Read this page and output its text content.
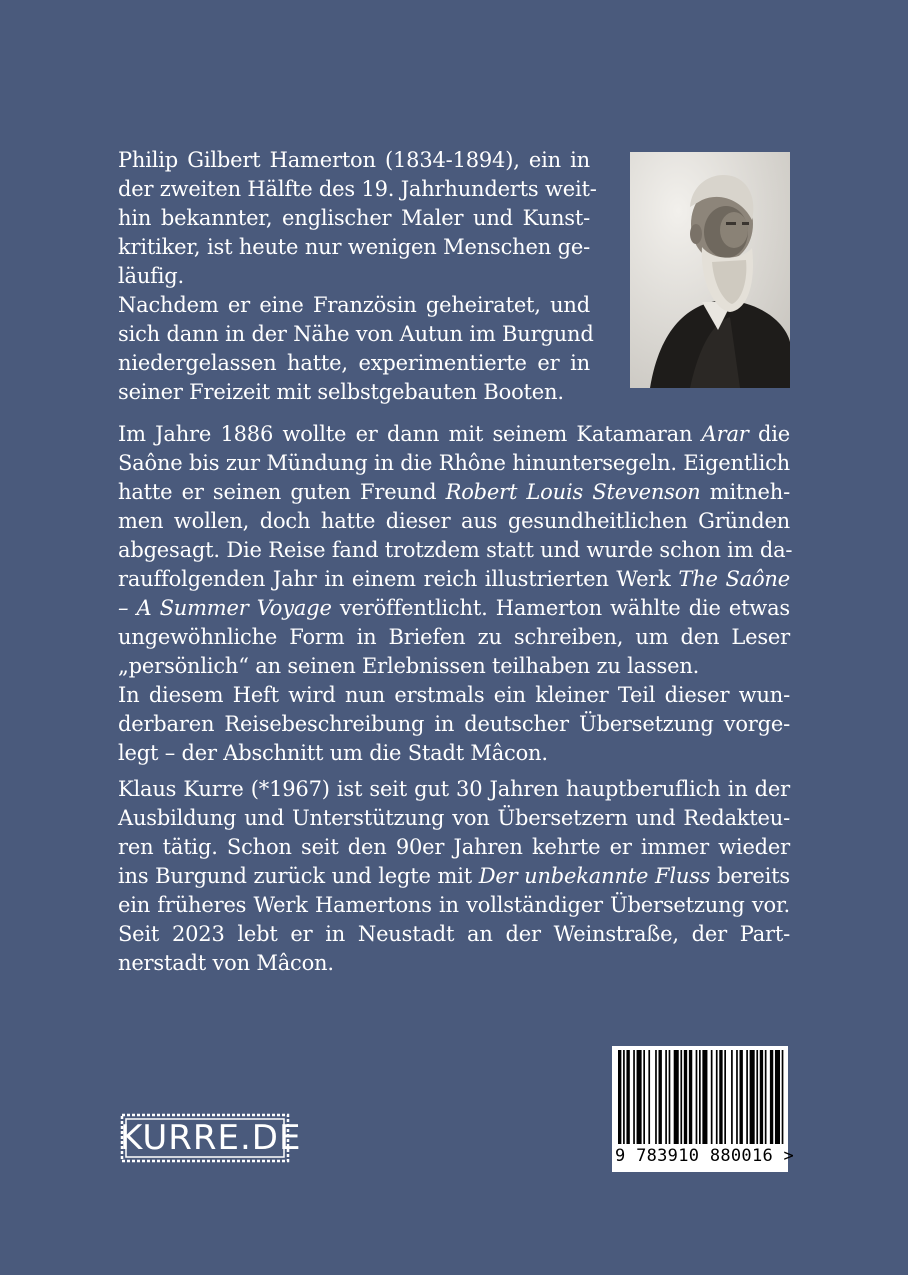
Philip Gilbert Hamerton (1834-1894), ein in
der zweiten Hälfte des 19. Jahrhunderts weit-
hin bekannter, englischer Maler und Kunst-
kritiker, ist heute nur wenigen Menschen ge-
läufig.
Nachdem er eine Französin geheiratet, und
sich dann in der Nähe von Autun im Burgund
niedergelassen hatte, experimentierte er in
seiner Freizeit mit selbstgebauten Booten.
Im Jahre 1886 wollte er dann mit seinem Katamaran Arar die
Saône bis zur Mündung in die Rhône hinuntersegeln. Eigentlich
hatte er seinen guten Freund Robert Louis Stevenson mitneh-
men wollen, doch hatte dieser aus gesundheitlichen Gründen
abgesagt. Die Reise fand trotzdem statt und wurde schon im da-
rauffolgenden Jahr in einem reich illustrierten Werk The Saône
– A Summer Voyage veröffentlicht. Hamerton wählte die etwas
ungewöhnliche Form in Briefen zu schreiben, um den Leser
„persönlich“ an seinen Erlebnissen teilhaben zu lassen.
In diesem Heft wird nun erstmals ein kleiner Teil dieser wun-
derbaren Reisebeschreibung in deutscher Übersetzung vorge-
legt – der Abschnitt um die Stadt Mâcon.
Klaus Kurre (*1967) ist seit gut 30 Jahren hauptberuflich in der
Ausbildung und Unterstützung von Übersetzern und Redakteu-
ren tätig. Schon seit den 90er Jahren kehrte er immer wieder
ins Burgund zurück und legte mit Der unbekannte Fluss bereits
ein früheres Werk Hamertons in vollständiger Übersetzung vor.
Seit 2023 lebt er in Neustadt an der Weinstraße, der Part-
nerstadt von Mâcon.
KURRE.DE	9 783910 880016 >
